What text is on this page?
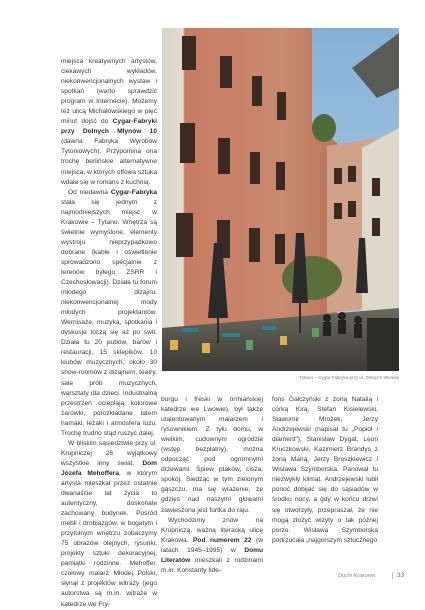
miejsca kreatywnych artystów, ciekawych wykładów, niekonwencjonalnych wystaw i spotkań (warto sprawdzić program w Internecie). Możemy też ulicą Michałowskiego w pięć minut dojść do Cygar-Fabryki przy Dolnych Młynów 10 (dawna Fabryka Wyrobów Tytoniowych). Przypomina ona trochę berlińskie alternatywne miejsca, w których offowa sztuka wdała się w romans z kuchnią.

Od niedawna Cygar-Fabryka stała się jednym z najmodniejszych miejsc w Krakowie – Tytano. Wnętrza są świetnie wymyślone, elementy wystroju nieprzypadkowo dobrane (kable i oświetlenie sprowadzono specjalnie z terenów byłego ZSRR i Czechosłowacji). Działa tu forum młodego dizajnu, niekonwencjonalnej mody młodych projektantów. Wernisaże, muzyka, spotkania i dyskusje toczą się aż po świt. Działa tu 20 pubów, barów i restauracji, 15 sklepików, 10 klubów muzycznych, około 30 show-roomów z dizajnem, teatry, sale prób muzycznych, warsztaty dla dzieci. Industrialną przestrzeń ocieplają kolorowe żarówki, porozkładane łatem hamaki, leżaki i atmosfera luzu. Trochę trudno stąd ruszyć dalej.

W bliskim sąsiedztwie przy ul. Krupniczej 26 wyjątkowy wszystkie inny świat. Dom Józefa Mehoffera, w którym artysta mieszkał przez ostatnie dwanaście lat życia to autentyczny, doskonale zachowany budynek. Pośród mebli i drobiazgów, w bogatym i przytulnym wnętrzu zobaczymy 75 obrazów olejnych, rysunki, projekty sztuki dekoracyjnej, pamiątki rodzinne. Mehoffer, czołowy malarz Młodej Polski, słynął z projektów witraży (jego autorstwa są m.in. witraże w katedrze we Fry-

Tytano – Cygar Fabryka przy ul. Dolnych Młynów

burgu i freski w ormiańskiej katedrze we Lwowie), był także utalentowanym malarzem i rysownikiem. Z tyłu domu, w wielkim, cudownym ogrodzie (wstęp bezpłatny), można odpocząć pod ogromnymi drzewami. Śpiew ptaków, cisza, spokój. Siedząc w tym zielonym gąszczu, ma się wrażenie, że gdzieś nad naszymi głowami zawieszona jest furtka do raju.

Wychodzimy znów na Krupniczą, ważną literacką ulicę Krakowa. Pod numerem 22 (w latach 1945–1995) w Domu Literatów mieszkali z rodzinami m.in. Konstanty Ilde-

fons Gałczyński z żoną Natalią i córką Kirą, Stefan Kisielewski, Sławomir Mrożek, Jerzy Andrzejewski (napisał tu „Popiół i diament"), Stanisław Dygat, Leon Kruczkowski, Kazimierz Brandys z żoną Marią, Jerzy Broszkiewicz i Wisława Szymborska. Panował tu niezwykły klimat. Andrzejewski lubił ponoć dobijać się do sąsiadów w środku nocy, a gdy w końcu drzwi się otworzyły, przepraszał, że nie mogą złożyć wizyty o tak późnej porze. Wisława Szymborska podrzucała „najgorszym sztucznego

Duchi Krakowa	33
